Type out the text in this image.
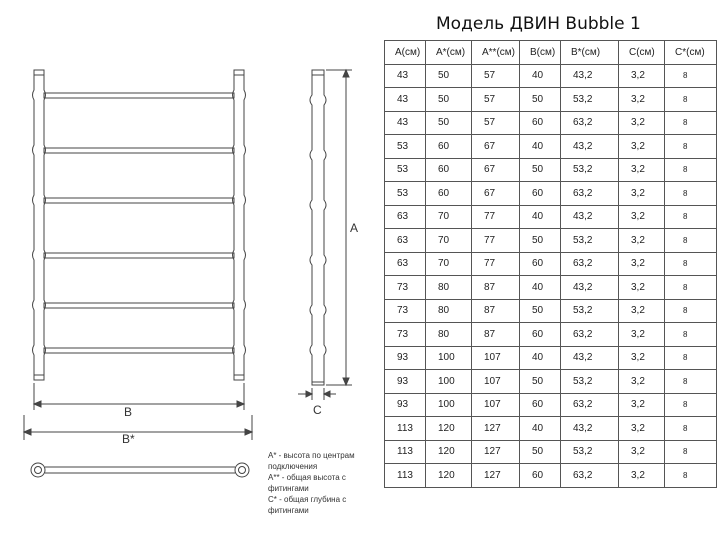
Модель ДВИН Bubble 1
B
B*
A
C
A* - высота по центрам подключения
A** - общая высота с фитингами
C* - общая глубина с фитингами
A(см)	A*(см)	A**(см)	B(см)	B*(см)	C(см)	C*(см)
43	50	57	40	43,2	3,2	8
43	50	57	50	53,2	3,2	8
43	50	57	60	63,2	3,2	8
53	60	67	40	43,2	3,2	8
53	60	67	50	53,2	3,2	8
53	60	67	60	63,2	3,2	8
63	70	77	40	43,2	3,2	8
63	70	77	50	53,2	3,2	8
63	70	77	60	63,2	3,2	8
73	80	87	40	43,2	3,2	8
73	80	87	50	53,2	3,2	8
73	80	87	60	63,2	3,2	8
93	100	107	40	43,2	3,2	8
93	100	107	50	53,2	3,2	8
93	100	107	60	63,2	3,2	8
113	120	127	40	43,2	3,2	8
113	120	127	50	53,2	3,2	8
113	120	127	60	63,2	3,2	8
